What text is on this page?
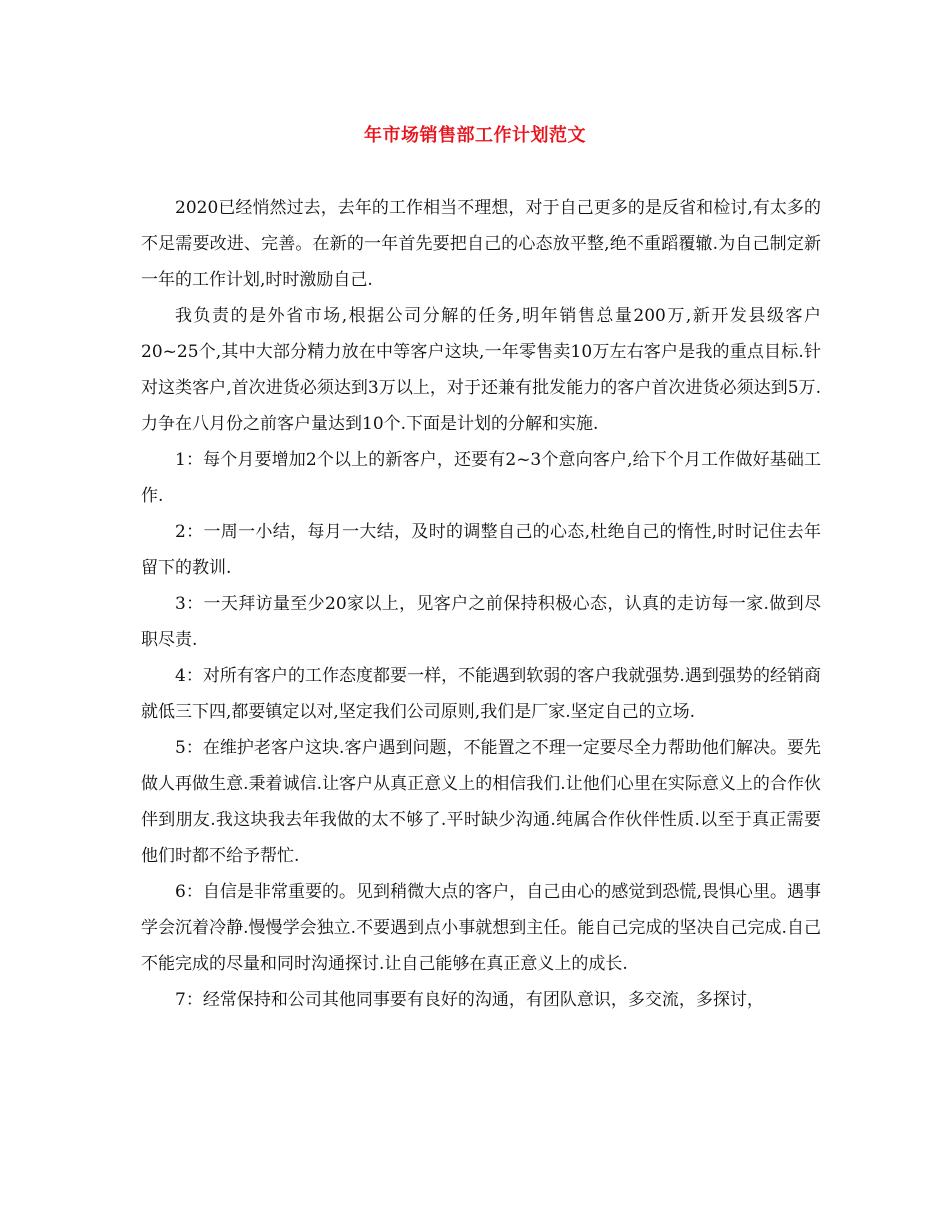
年市场销售部工作计划范文

2020已经悄然过去，去年的工作相当不理想，对于自己更多的是反省和检讨,有太多的不足需要改进、完善。在新的一年首先要把自己的心态放平整,绝不重蹈覆辙.为自己制定新一年的工作计划,时时激励自己.

我负责的是外省市场,根据公司分解的任务,明年销售总量200万,新开发县级客户 20~25个,其中大部分精力放在中等客户这块,一年零售卖10万左右客户是我的重点目标.针对这类客户,首次进货必须达到3万以上，对于还兼有批发能力的客户首次进货必须达到5万.力争在八月份之前客户量达到10个.下面是计划的分解和实施.

1：每个月要增加2个以上的新客户，还要有2~3个意向客户,给下个月工作做好基础工作.

2：一周一小结，每月一大结，及时的调整自己的心态,杜绝自己的惰性,时时记住去年留下的教训.

3：一天拜访量至少20家以上，见客户之前保持积极心态，认真的走访每一家.做到尽职尽责.

4：对所有客户的工作态度都要一样，不能遇到软弱的客户我就强势.遇到强势的经销商就低三下四,都要镇定以对,坚定我们公司原则,我们是厂家.坚定自己的立场.

5：在维护老客户这块.客户遇到问题，不能置之不理一定要尽全力帮助他们解决。要先做人再做生意.秉着诚信.让客户从真正意义上的相信我们.让他们心里在实际意义上的合作伙伴到朋友.我这块我去年我做的太不够了.平时缺少沟通.纯属合作伙伴性质.以至于真正需要他们时都不给予帮忙.

6：自信是非常重要的。见到稍微大点的客户，自己由心的感觉到恐慌,畏惧心里。遇事学会沉着冷静.慢慢学会独立.不要遇到点小事就想到主任。能自己完成的坚决自己完成.自己不能完成的尽量和同时沟通探讨.让自己能够在真正意义上的成长.

7：经常保持和公司其他同事要有良好的沟通，有团队意识，多交流，多探讨，
